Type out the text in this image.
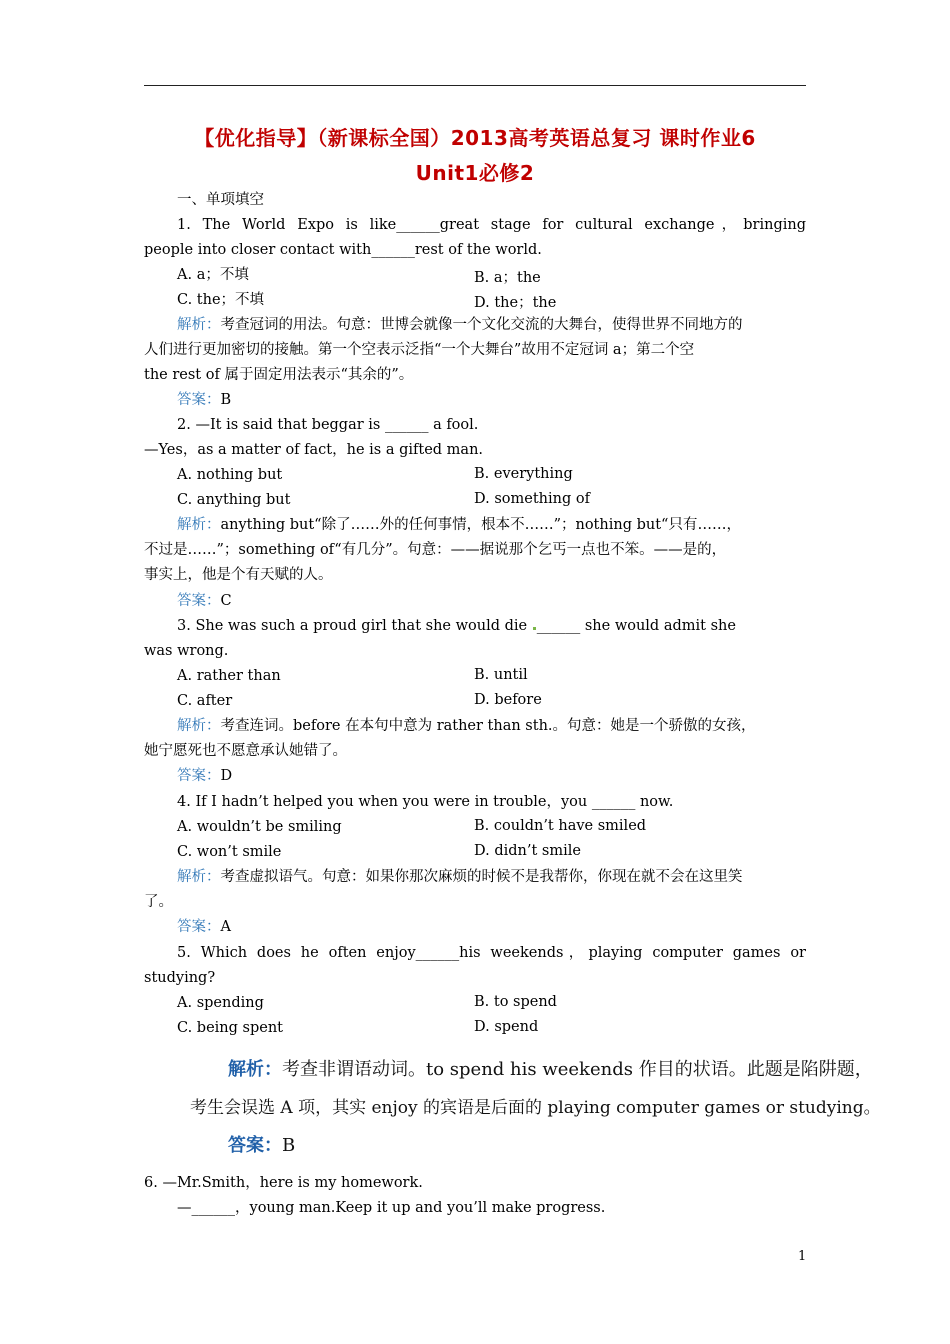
【优化指导】（新课标全国）2013高考英语总复习 课时作业6
Unit1必修2
一、单项填空
1. The World Expo is like______great stage for cultural exchange，bringing
people into closer contact with______rest of the world.
A. a；不填	B. a；the
C. the；不填	D. the；the
解析：考查冠词的用法。句意：世博会就像一个文化交流的大舞台，使得世界不同地方的
人们进行更加密切的接触。第一个空表示泛指“一个大舞台”故用不定冠词 a；第二个空
the rest of 属于固定用法表示“其余的”。
答案：B
2. —It is said that beggar is ______ a fool.
—Yes，as a matter of fact，he is a gifted man.
A. nothing but	B. everything
C. anything but	D. something of
解析：anything but“除了……外的任何事情，根本不……”；nothing but“只有……，
不过是……”；something of“有几分”。句意：——据说那个乞丐一点也不笨。——是的，
事实上，他是个有天赋的人。
答案：C
3. She was such a proud girl that she would die ______ she would admit she
was wrong.
A. rather than	B. until
C. after	D. before
解析：考查连词。before 在本句中意为 rather than sth.。句意：她是一个骄傲的女孩，
她宁愿死也不愿意承认她错了。
答案：D
4. If I hadn’t helped you when you were in trouble，you ______ now.
A. wouldn’t be smiling	B. couldn’t have smiled
C. won’t smile	D. didn’t smile
解析：考查虚拟语气。句意：如果你那次麻烦的时候不是我帮你，你现在就不会在这里笑
了。
答案：A
5. Which does he often enjoy______his weekends，playing computer games or
studying?
A. spending	B. to spend
C. being spent	D. spend
解析：考查非谓语动词。to spend his weekends 作目的状语。此题是陷阱题，
考生会误选 A 项，其实 enjoy 的宾语是后面的 playing computer games or studying。
答案：B
6. —Mr.Smith，here is my homework.
—______，young man.Keep it up and you’ll make progress.
1
